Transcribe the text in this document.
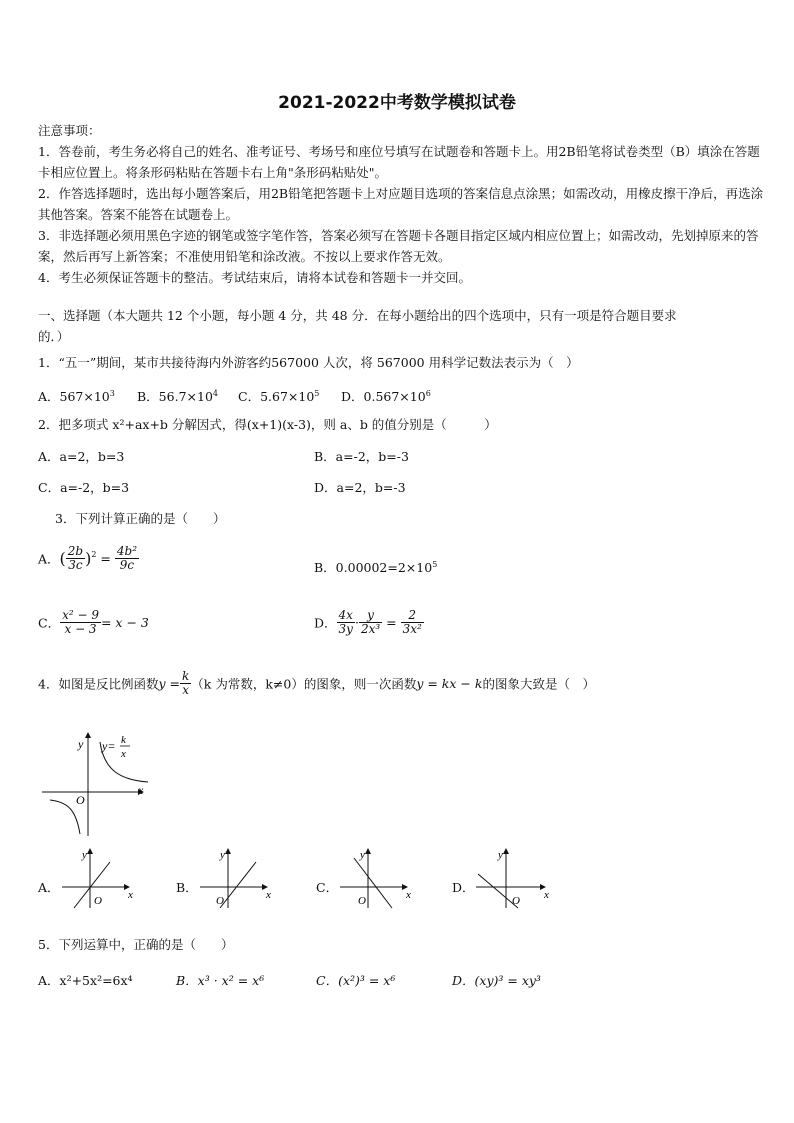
2021-2022中考数学模拟试卷
注意事项：
1．答卷前，考生务必将自己的姓名、准考证号、考场号和座位号填写在试题卷和答题卡上。用2B铅笔将试卷类型（B）填涂在答题卡相应位置上。将条形码粘贴在答题卡右上角"条形码粘贴处"。
2．作答选择题时，选出每小题答案后，用2B铅笔把答题卡上对应题目选项的答案信息点涂黑；如需改动，用橡皮擦干净后，再选涂其他答案。答案不能答在试题卷上。
3．非选择题必须用黑色字迹的钢笔或签字笔作答，答案必须写在答题卡各题目指定区域内相应位置上；如需改动，先划掉原来的答案，然后再写上新答案；不准使用铅笔和涂改液。不按以上要求作答无效。
4．考生必须保证答题卡的整洁。考试结束后，请将本试卷和答题卡一并交回。
一、选择题（本大题共 12 个小题，每小题 4 分，共 48 分．在每小题给出的四个选项中，只有一项是符合题目要求
的．）
1．“五一”期间，某市共接待海内外游客约567000 人次，将 567000 用科学记数法表示为（　）
A．$567\times 10^3$ B．$56.7\times 10^4$ C．$5.67\times 10^5$ D．$0.567\times 10^6$
2．把多项式 x²+ax+b 分解因式，得(x+1)(x-3)，则 a、b 的值分别是（　　　）
A．a=2，b=3	B．a=-2，b=-3
C．a=-2，b=3	D．a=2，b=-3
3．下列计算正确的是（　　）
A．( $\frac{2b}{3c} )^2 = \frac{\text{4b²}}{9c}$	B．$0.00002=2\times 10^5$
C． $\frac{\text{x² − 9}}{x - 3} = x - 3$	D． $\frac{4x}{3y} \cdot \frac{y}{\text{2x³}} = \frac{2}{\text{3x²}}$
4．如图是反比例函数$y = \frac{k}{x} (k$ 为常数，k≠0）的图象，则一次函数y = kx − k的图象大致是（　）
y
x
O
y= k
x
A．
y
x
O
B．
y
x
O
C．
y
x
O
D．
y
x
O
5．下列运算中，正确的是（　　）
A．x²+5x²=6x⁴	B．x³ · x² = x⁶	C．(x²)³ = x⁶	D．(xy)³ = xy³
